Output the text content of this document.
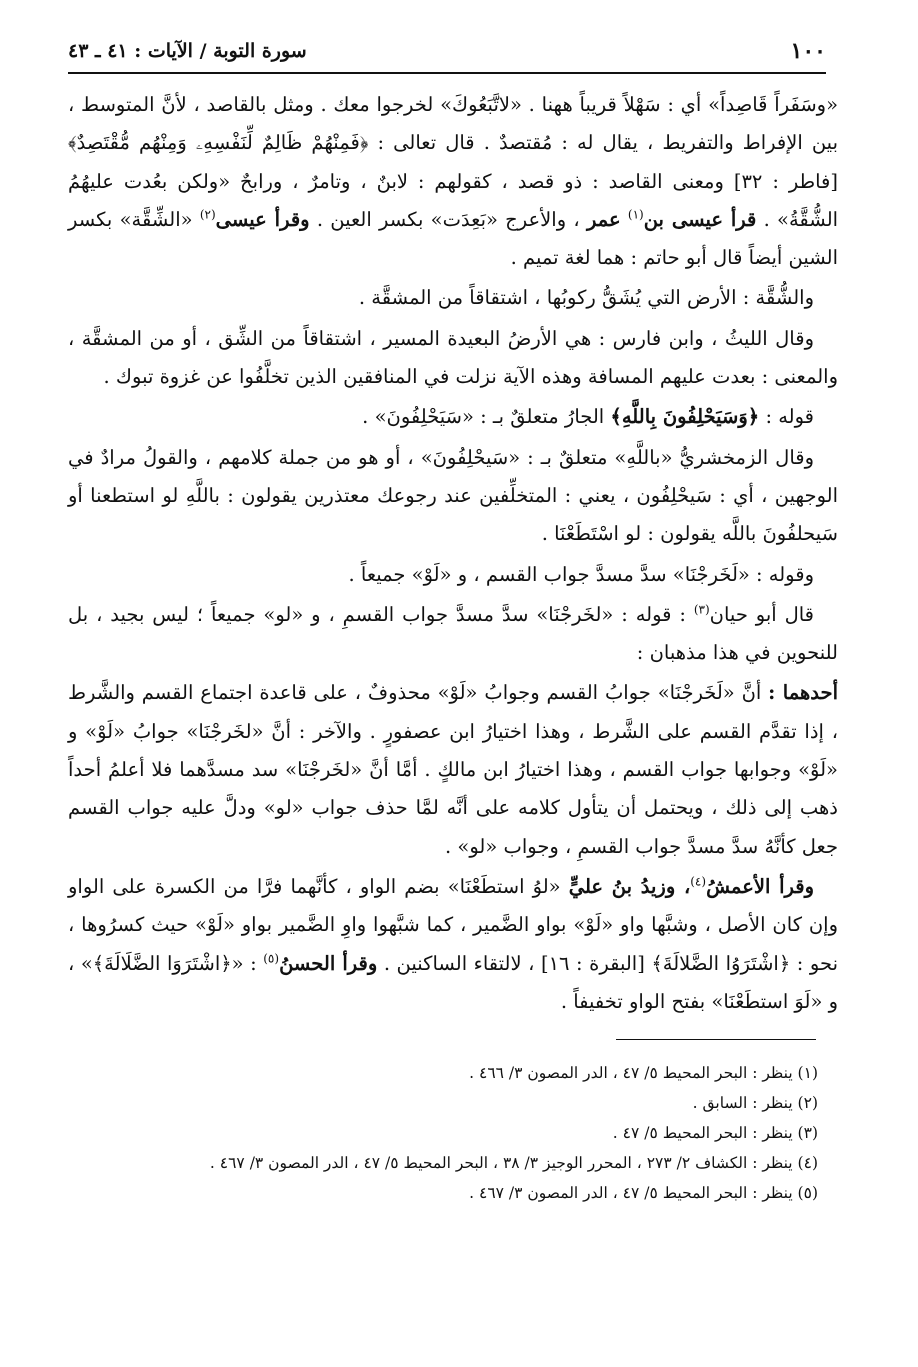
١٠٠
سورة التوبة / الآيات : ٤١ ـ ٤٣

«وسَفَراً قَاصِداً» أي : سَهْلاً قريباً ههنا . «لاتَّبَعُوكَ» لخرجوا معك . ومثل بالقاصد ، لأنَّ المتوسط ، بين الإفراط والتفريط ، يقال له : مُقتصدٌ . قال تعالى : ﴿فَمِنْهُمْ ظَالِمٌ لِّنَفْسِهِۦ وَمِنْهُم مُّقْتَصِدٌ﴾ [فاطر : ٣٢] ومعنى القاصد : ذو قصد ، كقولهم : لابنٌ ، وتامرٌ ، ورابحٌ «ولكن بعُدت عليهُمُ الشُّقَّةُ» . قرأ عيسى بن$^{(١)}$ عمر ، والأعرج «بَعِدَت» بكسر العين . وقرأ عيسى$^{(٢)}$ «الشِّقَّة» بكسر الشين أيضاً قال أبو حاتم : هما لغة تميم .

والشُّقَّة : الأرض التي يُشَقُّ ركوبُها ، اشتقاقاً من المشقَّة .

وقال الليثُ ، وابن فارس : هي الأرضُ البعيدة المسير ، اشتقاقاً من الشِّق ، أو من المشقَّة ، والمعنى : بعدت عليهم المسافة وهذه الآية نزلت في المنافقين الذين تخلَّفُوا عن غزوة تبوك .

قوله : ﴿وَسَيَحْلِفُونَ بِاللَّهِ﴾ الجارُ متعلقٌ بـ : «سَيَحْلِفُونَ» .

وقال الزمخشريُّ «باللَّهِ» متعلقٌ بـ : «سَيحْلِفُونَ» ، أو هو من جملة كلامهم ، والقولُ مرادٌ في الوجهين ، أي : سَيحْلِفُون ، يعني : المتخلِّفين عند رجوعك معتذرين يقولون : باللَّهِ لو استطعنا أو سَيحلفُونَ باللَّه يقولون : لو اسْتَطَعْنَا .

وقوله : «لَخَرجْنَا» سدَّ مسدَّ جواب القسم ، و «لَوْ» جميعاً .

قال أبو حيان$^{(٣)}$ : قوله : «لخَرجْنَا» سدَّ مسدَّ جواب القسمِ ، و «لو» جميعاً ؛ ليس بجيد ، بل للنحوين في هذا مذهبان :

أحدهما : أنَّ «لَخَرجْنَا» جوابُ القسم وجوابُ «لَوْ» محذوفٌ ، على قاعدة اجتماع القسم والشَّرط ، إذا تقدَّم القسم على الشَّرط ، وهذا اختيارُ ابن عصفورٍ . والآخر : أنَّ «لخَرجْنَا» جوابُ «لَوْ» و «لَوْ» وجوابها جواب القسم ، وهذا اختيارُ ابن مالكٍ . أمَّا أنَّ «لخَرجْنَا» سد مسدَّهما فلا أعلمُ أحداً ذهب إلى ذلك ، ويحتمل أن يتأول كلامه على أنَّه لمَّا حذف جواب «لو» ودلَّ عليه جواب القسم جعل كأنَّهُ سدَّ مسدَّ جواب القسمِ ، وجواب «لو» .

وقرأ الأعمشُ$^{(٤)}$، وزيدُ بنُ عليٍّ «لوُ استطَعْنَا» بضم الواو ، كأنَّهما فرَّا من الكسرة على الواو وإن كان الأصل ، وشبَّها واو «لَوْ» بواو الضَّمير ، كما شبَّهوا واوِ الضَّمير بواو «لَوْ» حيث كسرُوها ، نحو : ﴿اشْتَرَوُا الضَّلالَةَ﴾ [البقرة : ١٦] ، لالتقاء الساكنين . وقرأ الحسنُ$^{(٥)}$ : «﴿اشْتَرَوَا الضَّلَالَةَ﴾» ، و «لَوَ استطَعْنَا» بفتح الواو تخفيفاً .

(١) ينظر : البحر المحيط ٥/ ٤٧ ، الدر المصون ٣/ ٤٦٦ .
(٢) ينظر : السابق .
(٣) ينظر : البحر المحيط ٥/ ٤٧ .
(٤) ينظر : الكشاف ٢/ ٢٧٣ ، المحرر الوجيز ٣/ ٣٨ ، البحر المحيط ٥/ ٤٧ ، الدر المصون ٣/ ٤٦٧ .
(٥) ينظر : البحر المحيط ٥/ ٤٧ ، الدر المصون ٣/ ٤٦٧ .
